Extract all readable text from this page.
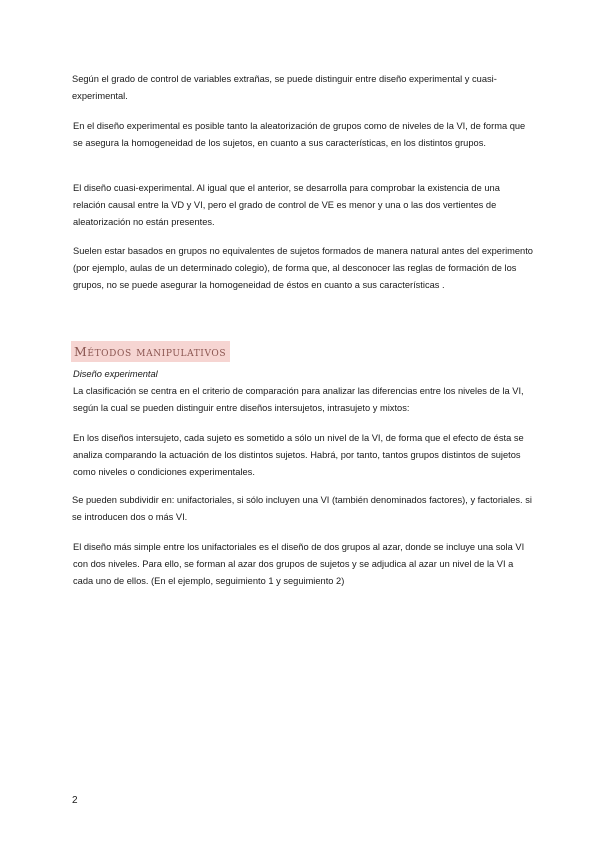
Según el grado de control de variables extrañas, se puede distinguir entre diseño experimental y cuasi-experimental.

En el diseño experimental es posible tanto la aleatorización de grupos como de niveles de la VI, de forma que se asegura la homogeneidad de los sujetos, en cuanto a sus características, en los distintos grupos.

El diseño cuasi-experimental. Al igual que el anterior, se desarrolla para comprobar la existencia de una relación causal entre la VD y VI, pero el grado de control de VE es menor y una o las dos vertientes de aleatorización no están presentes.

Suelen estar basados en grupos no equivalentes de sujetos formados de manera natural antes del experimento (por ejemplo, aulas de un determinado colegio), de forma que, al desconocer las reglas de formación de los grupos, no se puede asegurar la homogeneidad de éstos en cuanto a sus características .

Métodos manipulativos
Diseño experimental

La clasificación se centra en el criterio de comparación para analizar las diferencias entre los niveles de la VI, según la cual se pueden distinguir entre diseños intersujetos, intrasujeto y mixtos:

En los diseños intersujeto, cada sujeto es sometido a sólo un nivel de la VI, de forma que el efecto de ésta se analiza comparando la actuación de los distintos sujetos. Habrá, por tanto, tantos grupos distintos de sujetos como niveles o condiciones experimentales.

Se pueden subdividir en: unifactoriales, si sólo incluyen una VI (también denominados factores), y factoriales. si se introducen dos o más VI.

El diseño más simple entre los unifactoriales es el diseño de dos grupos al azar, donde se incluye una sola VI con dos niveles. Para ello, se forman al azar dos grupos de sujetos y se adjudica al azar un nivel de la VI a cada uno de ellos. (En el ejemplo, seguimiento 1 y seguimiento 2)

2
